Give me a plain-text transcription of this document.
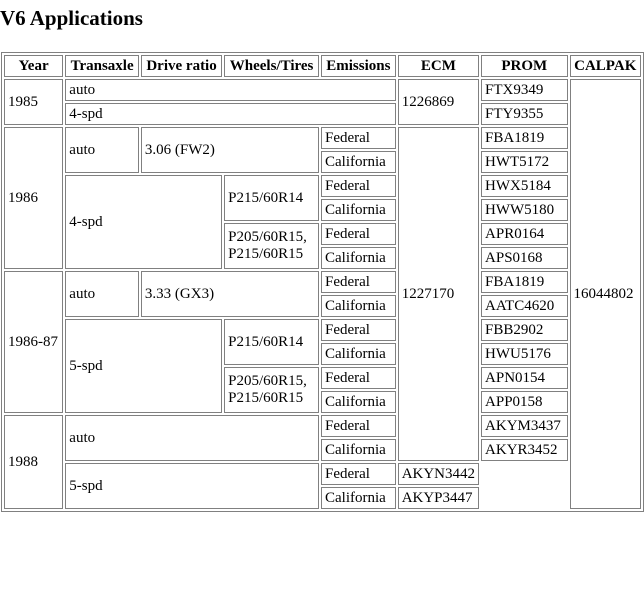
V6 Applications
Year	Transaxle	Drive ratio	Wheels/Tires	Emissions	ECM	PROM	CALPAK
1985	auto				1226869	FTX9349	16044802
	4-spd					FTY9355	
1986	auto	3.06 (FW2)		Federal	1227170	FBA1819	
				California		HWT5172	
	4-spd		P215/60R14	Federal		HWX5184	
				California		HWW5180	
			P205/60R15, P215/60R15	Federal		APR0164	
				California		APS0168	
1986-87	auto	3.33 (GX3)		Federal		FBA1819	
				California		AATC4620	
	5-spd		P215/60R14	Federal		FBB2902	
				California		HWU5176	
			P205/60R15, P215/60R15	Federal		APN0154	
				California		APP0158	
1988	auto			Federal		AKYM3437	
				California		AKYR3452	
	5-spd			Federal	AKYN3442		
				California	AKYP3447		
